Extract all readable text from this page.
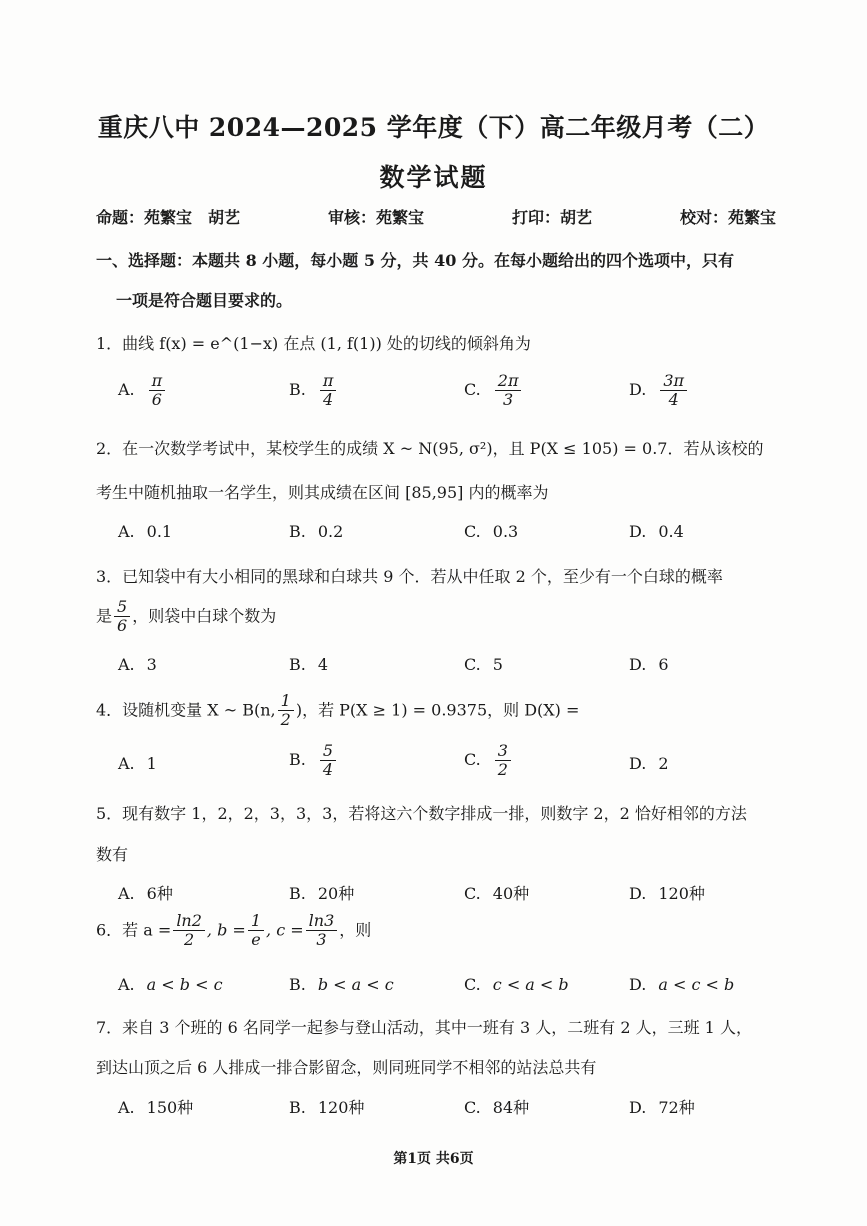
重庆八中 2024—2025 学年度（下）高二年级月考（二）
数学试题
命题：苑繁宝　胡艺	审核：苑繁宝	打印：胡艺	校对：苑繁宝
一、选择题：本题共 8 小题，每小题 5 分，共 40 分。在每小题给出的四个选项中，只有
一项是符合题目要求的。
1．曲线 f(x) = e^(1−x) 在点 (1, f(1)) 处的切线的倾斜角为
A. $\frac{\pi}{6}$	B. $\frac{\pi}{4}$	C. $\frac{2\pi}{3}$	D. $\frac{3\pi}{4}$
2．在一次数学考试中，某校学生的成绩 X ~ N(95, σ²)，且 P(X ≤ 105) = 0.7．若从该校的
考生中随机抽取一名学生，则其成绩在区间 [85,95] 内的概率为
A. 0.1	B. 0.2	C. 0.3	D. 0.4
3．已知袋中有大小相同的黑球和白球共 9 个．若从中任取 2 个，至少有一个白球的概率
是 $\frac{5}{6}$ ，则袋中白球个数为
A. 3	B. 4	C. 5	D. 6
4．设随机变量 X ~ B(n, $\frac{1}{2}$ )，若 P(X ≥ 1) = 0.9375，则 D(X) =
A. 1	B. $\frac{5}{4}$	C. $\frac{3}{2}$	D. 2
5．现有数字 1，2，2，3，3，3，若将这六个数字排成一排，则数字 2，2 恰好相邻的方法
数有
A. 6种	B. 20种	C. 40种	D. 120种
6．若 $a = \frac{\ln 2}{2}$ , $b = \frac{1}{e}$ , $c = \frac{\ln 3}{3}$ ，则
A. a < b < c	B. b < a < c	C. c < a < b	D. a < c < b
7．来自 3 个班的 6 名同学一起参与登山活动，其中一班有 3 人，二班有 2 人，三班 1 人，
到达山顶之后 6 人排成一排合影留念，则同班同学不相邻的站法总共有
A. 150种	B. 120种	C. 84种	D. 72种
第1页 共6页
